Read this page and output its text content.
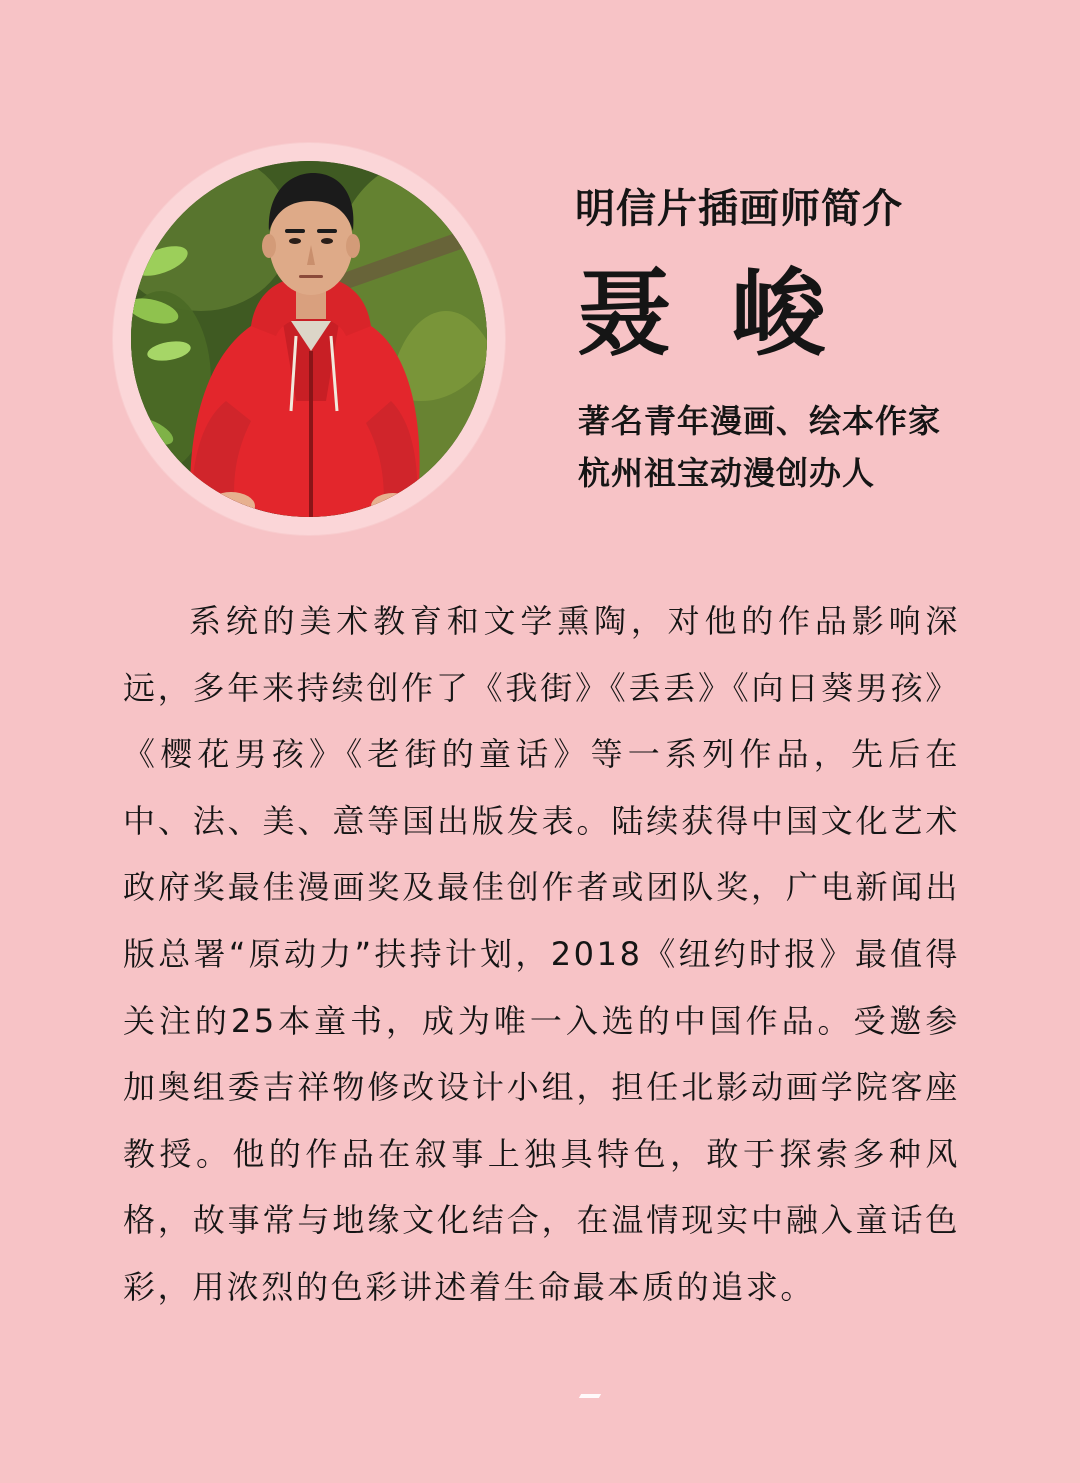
明信片插画师简介
聂峻
著名青年漫画、绘本作家
杭州祖宝动漫创办人

系统的美术教育和文学熏陶，对他的作品影响深远，多年来持续创作了《我街》《丢丢》《向日葵男孩》《樱花男孩》《老街的童话》等一系列作品，先后在中、法、美、意等国出版发表。陆续获得中国文化艺术政府奖最佳漫画奖及最佳创作者或团队奖，广电新闻出版总署“原动力”扶持计划，2018《纽约时报》最值得关注的25本童书，成为唯一入选的中国作品。受邀参加奥组委吉祥物修改设计小组，担任北影动画学院客座教授。他的作品在叙事上独具特色，敢于探索多种风格，故事常与地缘文化结合，在温情现实中融入童话色彩，用浓烈的色彩讲述着生命最本质的追求。
